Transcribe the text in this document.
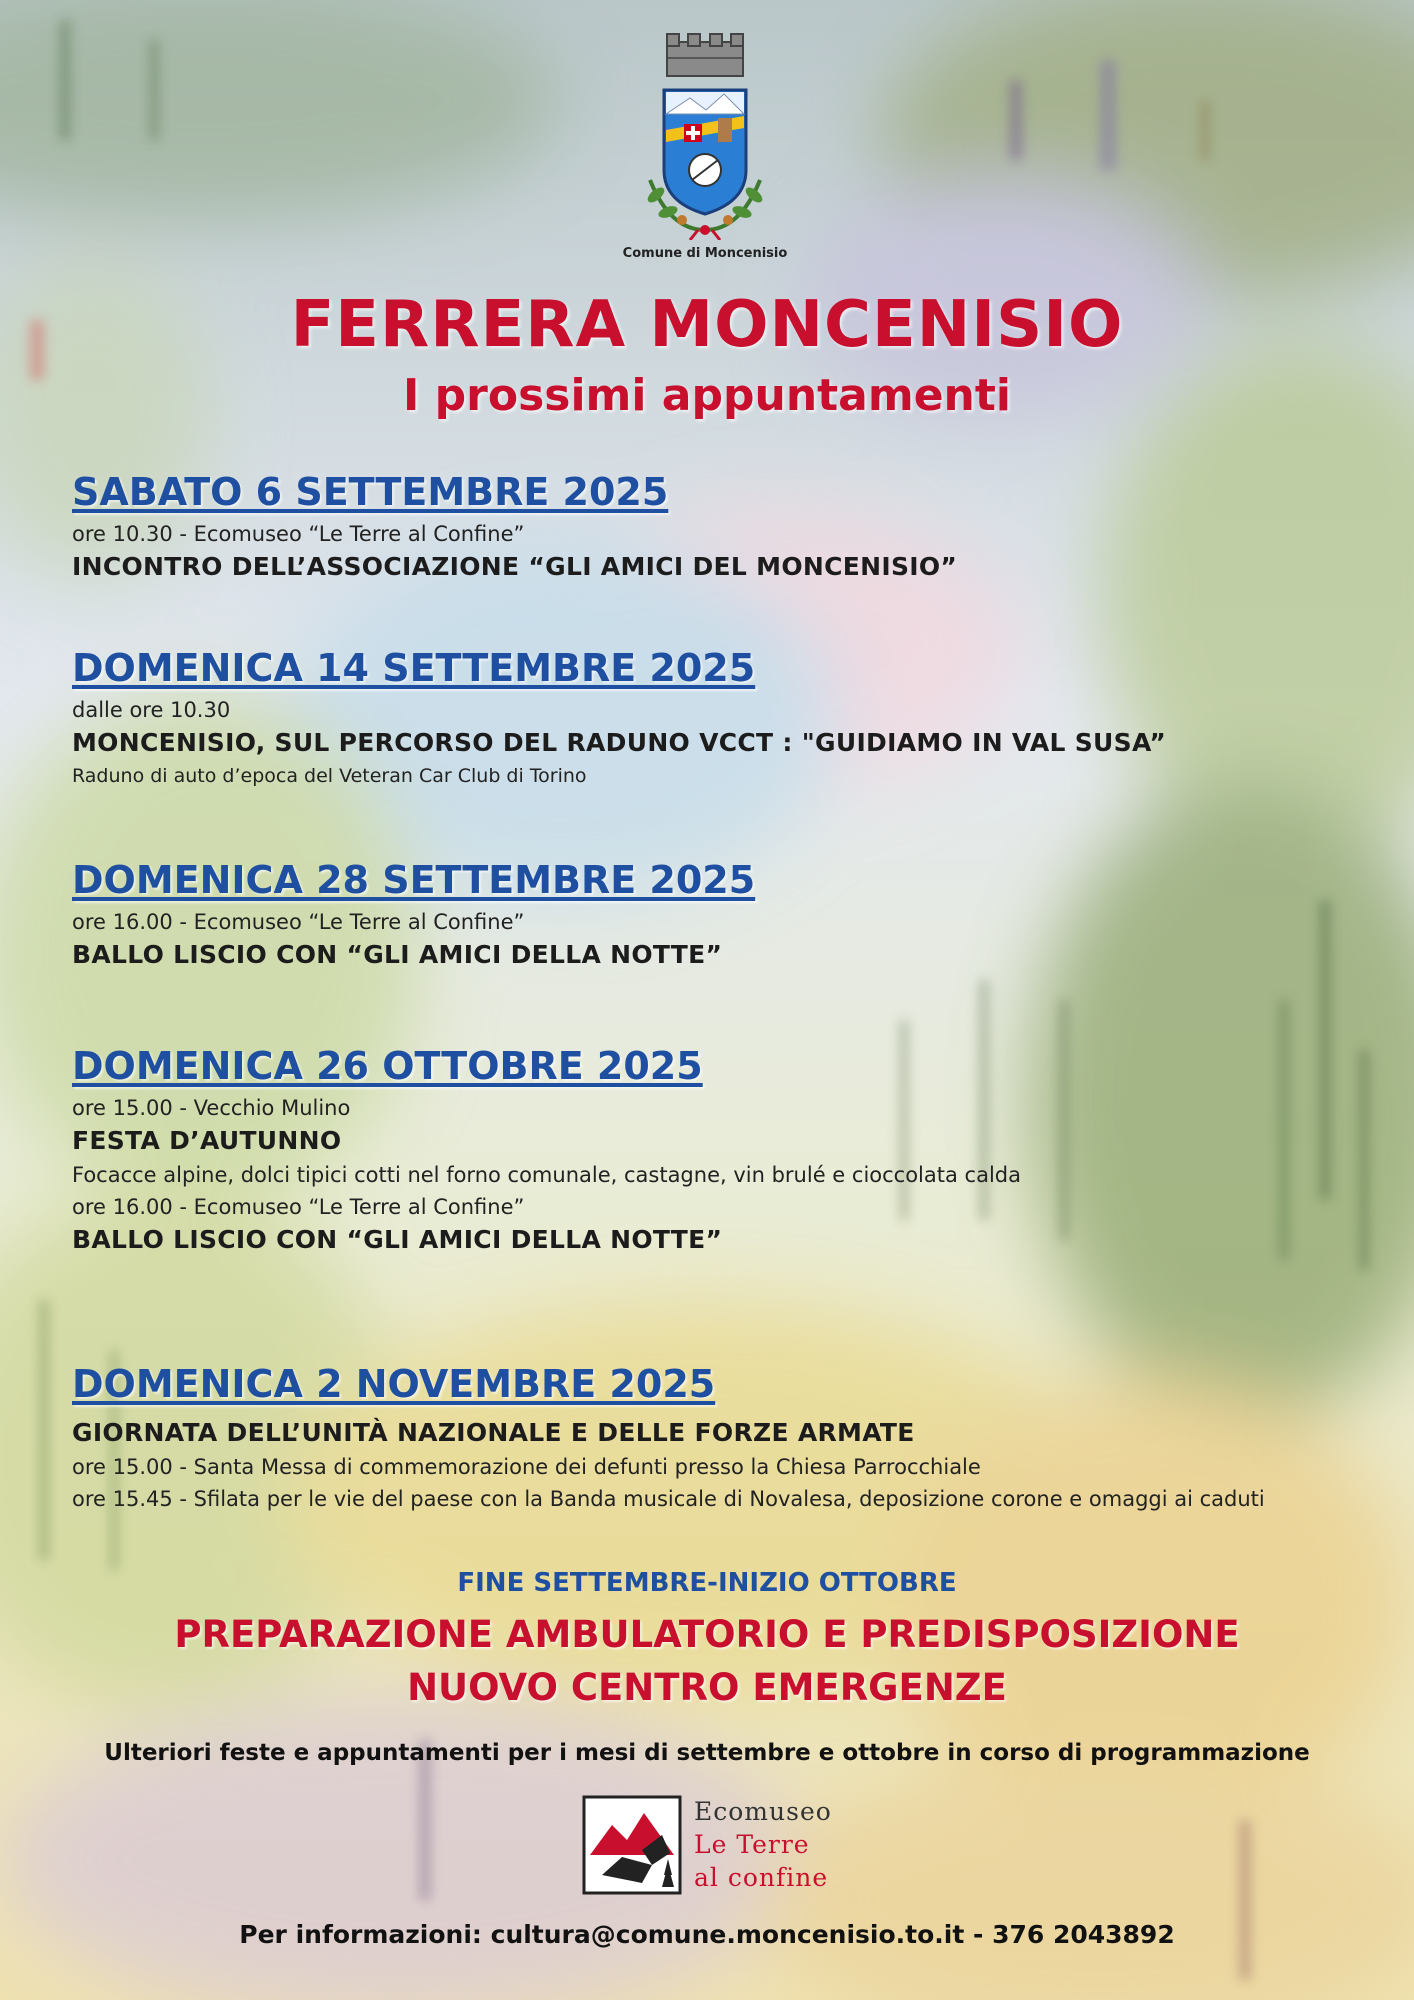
Comune di Moncenisio
FERRERA MONCENISIO
I prossimi appuntamenti
SABATO 6 SETTEMBRE 2025
ore 10.30 - Ecomuseo “Le Terre al Confine”
INCONTRO DELL’ASSOCIAZIONE “GLI AMICI DEL MONCENISIO”
DOMENICA 14 SETTEMBRE 2025
dalle ore 10.30
MONCENISIO, SUL PERCORSO DEL RADUNO VCCT : "GUIDIAMO IN VAL SUSA”
Raduno di auto d’epoca del Veteran Car Club di Torino
DOMENICA 28 SETTEMBRE 2025
ore 16.00 - Ecomuseo “Le Terre al Confine”
BALLO LISCIO CON “GLI AMICI DELLA NOTTE”
DOMENICA 26 OTTOBRE 2025
ore 15.00 - Vecchio Mulino
FESTA D’AUTUNNO
Focacce alpine, dolci tipici cotti nel forno comunale, castagne, vin brulé e cioccolata calda
ore 16.00 - Ecomuseo “Le Terre al Confine”
BALLO LISCIO CON “GLI AMICI DELLA NOTTE”
DOMENICA 2 NOVEMBRE 2025
GIORNATA DELL’UNITÀ NAZIONALE E DELLE FORZE ARMATE
ore 15.00 - Santa Messa di commemorazione dei defunti presso la Chiesa Parrocchiale
ore 15.45 - Sfilata per le vie del paese con la Banda musicale di Novalesa, deposizione corone e omaggi ai caduti
FINE SETTEMBRE-INIZIO OTTOBRE
PREPARAZIONE AMBULATORIO E PREDISPOSIZIONE
NUOVO CENTRO EMERGENZE
Ulteriori feste e appuntamenti per i mesi di settembre e ottobre in corso di programmazione
Ecomuseo
Le Terre
al confine
Per informazioni: cultura@comune.moncenisio.to.it - 376 2043892
